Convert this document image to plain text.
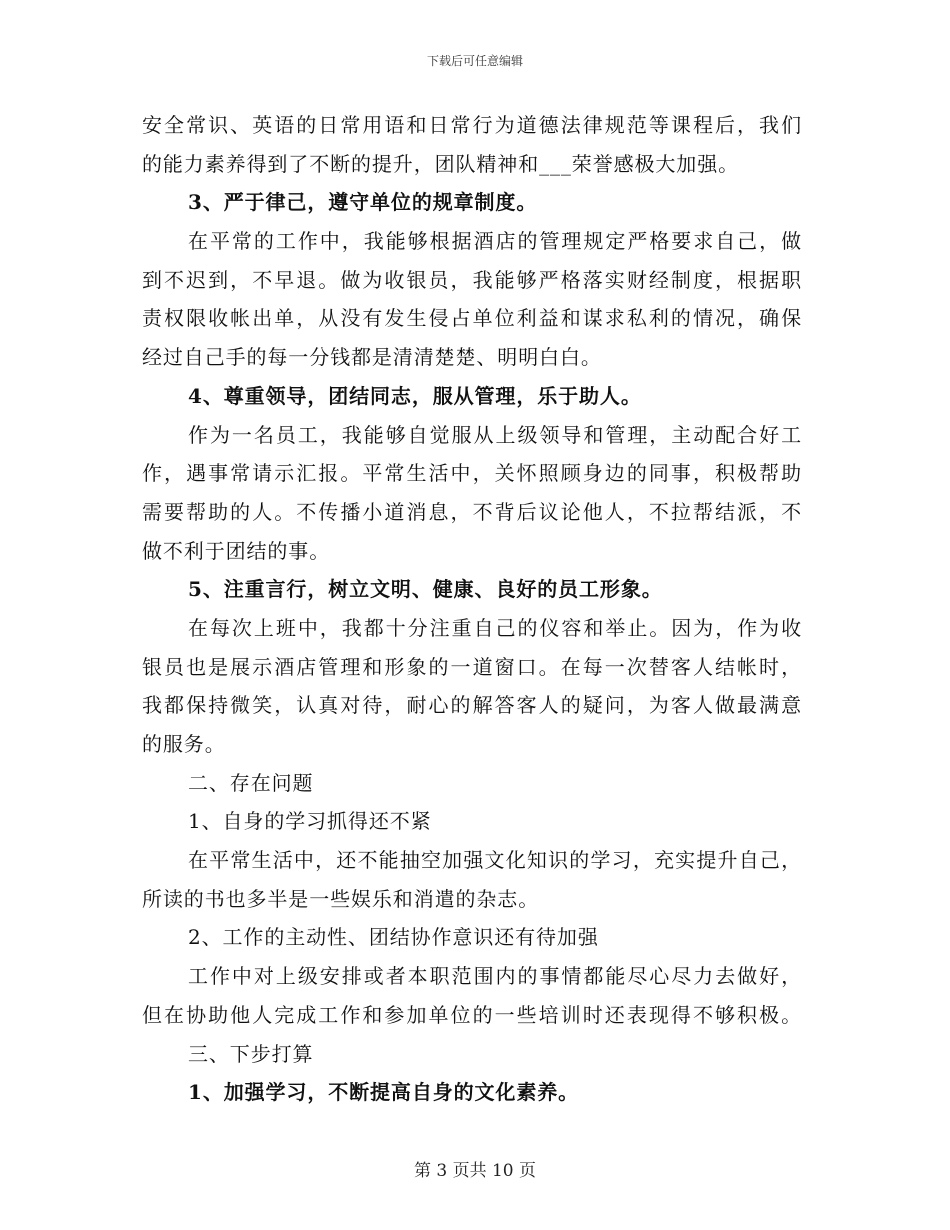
下载后可任意编辑
安全常识、英语的日常用语和日常行为道德法律规范等课程后，我们
的能力素养得到了不断的提升，团队精神和___荣誉感极大加强。
3、严于律己，遵守单位的规章制度。
在平常的工作中，我能够根据酒店的管理规定严格要求自己，做
到不迟到，不早退。做为收银员，我能够严格落实财经制度，根据职
责权限收帐出单，从没有发生侵占单位利益和谋求私利的情况，确保
经过自己手的每一分钱都是清清楚楚、明明白白。
4、尊重领导，团结同志，服从管理，乐于助人。
作为一名员工，我能够自觉服从上级领导和管理，主动配合好工
作，遇事常请示汇报。平常生活中，关怀照顾身边的同事，积极帮助
需要帮助的人。不传播小道消息，不背后议论他人，不拉帮结派，不
做不利于团结的事。
5、注重言行，树立文明、健康、良好的员工形象。
在每次上班中，我都十分注重自己的仪容和举止。因为，作为收
银员也是展示酒店管理和形象的一道窗口。在每一次替客人结帐时，
我都保持微笑，认真对待，耐心的解答客人的疑问，为客人做最满意
的服务。
二、存在问题
1、自身的学习抓得还不紧
在平常生活中，还不能抽空加强文化知识的学习，充实提升自己，
所读的书也多半是一些娱乐和消遣的杂志。
2、工作的主动性、团结协作意识还有待加强
工作中对上级安排或者本职范围内的事情都能尽心尽力去做好，
但在协助他人完成工作和参加单位的一些培训时还表现得不够积极。
三、下步打算
1、加强学习，不断提高自身的文化素养。
第 3 页共 10 页
